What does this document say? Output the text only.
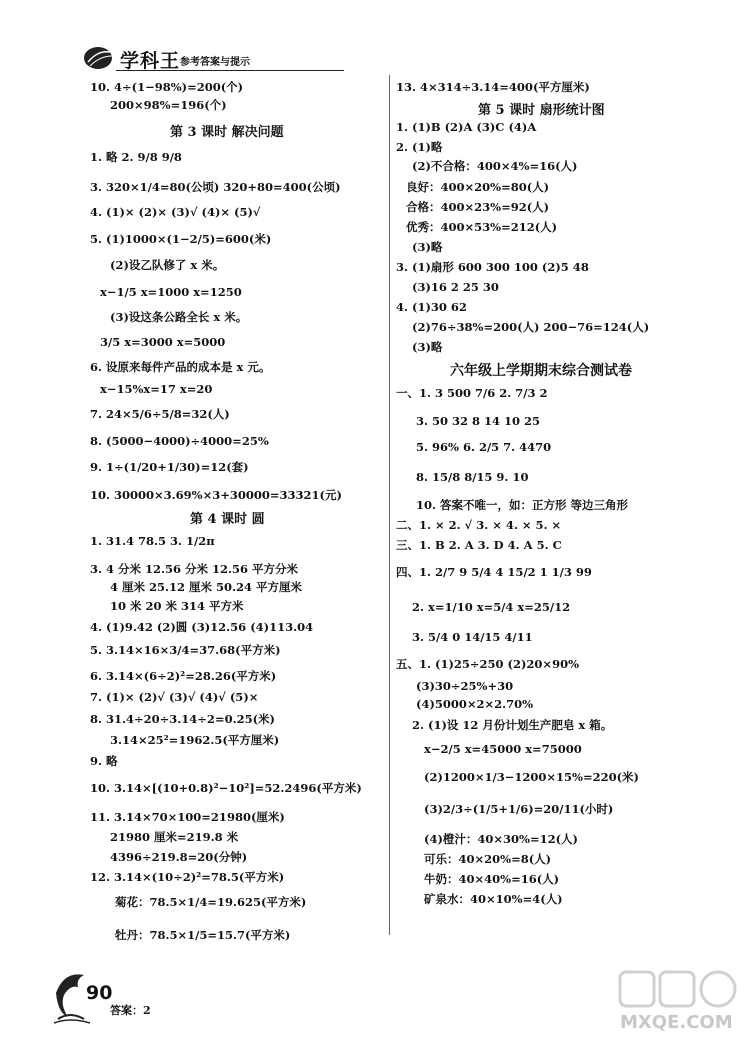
学科王 参考答案与提示
10. 4÷(1−98%)=200(个)
200×98%=196(个)
第 3 课时 解决问题
1. 略 2. 9/8 9/8
3. 320×1/4=80(公顷) 320+80=400(公顷)
4. (1)× (2)× (3)√ (4)× (5)√
5. (1)1000×(1−2/5)=600(米)
(2)设乙队修了 x 米。
x−1/5 x=1000 x=1250
(3)设这条公路全长 x 米。
3/5 x=3000 x=5000
6. 设原来每件产品的成本是 x 元。
x−15%x=17 x=20
7. 24×5/6÷5/8=32(人)
8. (5000−4000)÷4000=25%
9. 1÷(1/20+1/30)=12(套)
10. 30000×3.69%×3+30000=33321(元)
第 4 课时 圆
1. 31.4 78.5 3. 1/2π
3. 4 分米 12.56 分米 12.56 平方分米
4 厘米 25.12 厘米 50.24 平方厘米
10 米 20 米 314 平方米
4. (1)9.42 (2)圆 (3)12.56 (4)113.04
5. 3.14×16×3/4=37.68(平方米)
6. 3.14×(6÷2)²=28.26(平方米)
7. (1)× (2)√ (3)√ (4)√ (5)×
8. 31.4÷20÷3.14÷2=0.25(米)
3.14×25²=1962.5(平方厘米)
9. 略
10. 3.14×[(10+0.8)²−10²]=52.2496(平方米)
11. 3.14×70×100=21980(厘米)
21980 厘米=219.8 米
4396÷219.8=20(分钟)
12. 3.14×(10÷2)²=78.5(平方米)
菊花：78.5×1/4=19.625(平方米)
牡丹：78.5×1/5=15.7(平方米)
13. 4×314÷3.14=400(平方厘米)
第 5 课时 扇形统计图
1. (1)B (2)A (3)C (4)A
2. (1)略
(2)不合格：400×4%=16(人)
良好：400×20%=80(人)
合格：400×23%=92(人)
优秀：400×53%=212(人)
(3)略
3. (1)扇形 600 300 100 (2)5 48
(3)16 2 25 30
4. (1)30 62
(2)76÷38%=200(人) 200−76=124(人)
(3)略
六年级上学期期末综合测试卷
一、1. 3 500 7/6 2. 7/3 2
3. 50 32 8 14 10 25
5. 96% 6. 2/5 7. 4470
8. 15/8 8/15 9. 10
10. 答案不唯一，如：正方形 等边三角形
二、1. × 2. √ 3. × 4. × 5. ×
三、1. B 2. A 3. D 4. A 5. C
四、1. 2/7 9 5/4 4 15/2 1 1/3 99
2. x=1/10 x=5/4 x=25/12
3. 5/4 0 14/15 4/11
五、1. (1)25÷250 (2)20×90%
(3)30÷25%+30
(4)5000×2×2.70%
2. (1)设 12 月份计划生产肥皂 x 箱。
x−2/5 x=45000 x=75000
(2)1200×1/3−1200×15%=220(米)
(3)2/3÷(1/5+1/6)=20/11(小时)
(4)橙汁：40×30%=12(人)
可乐：40×20%=8(人)
牛奶：40×40%=16(人)
矿泉水：40×10%=4(人)
90
答案：2
MXQE.COM
